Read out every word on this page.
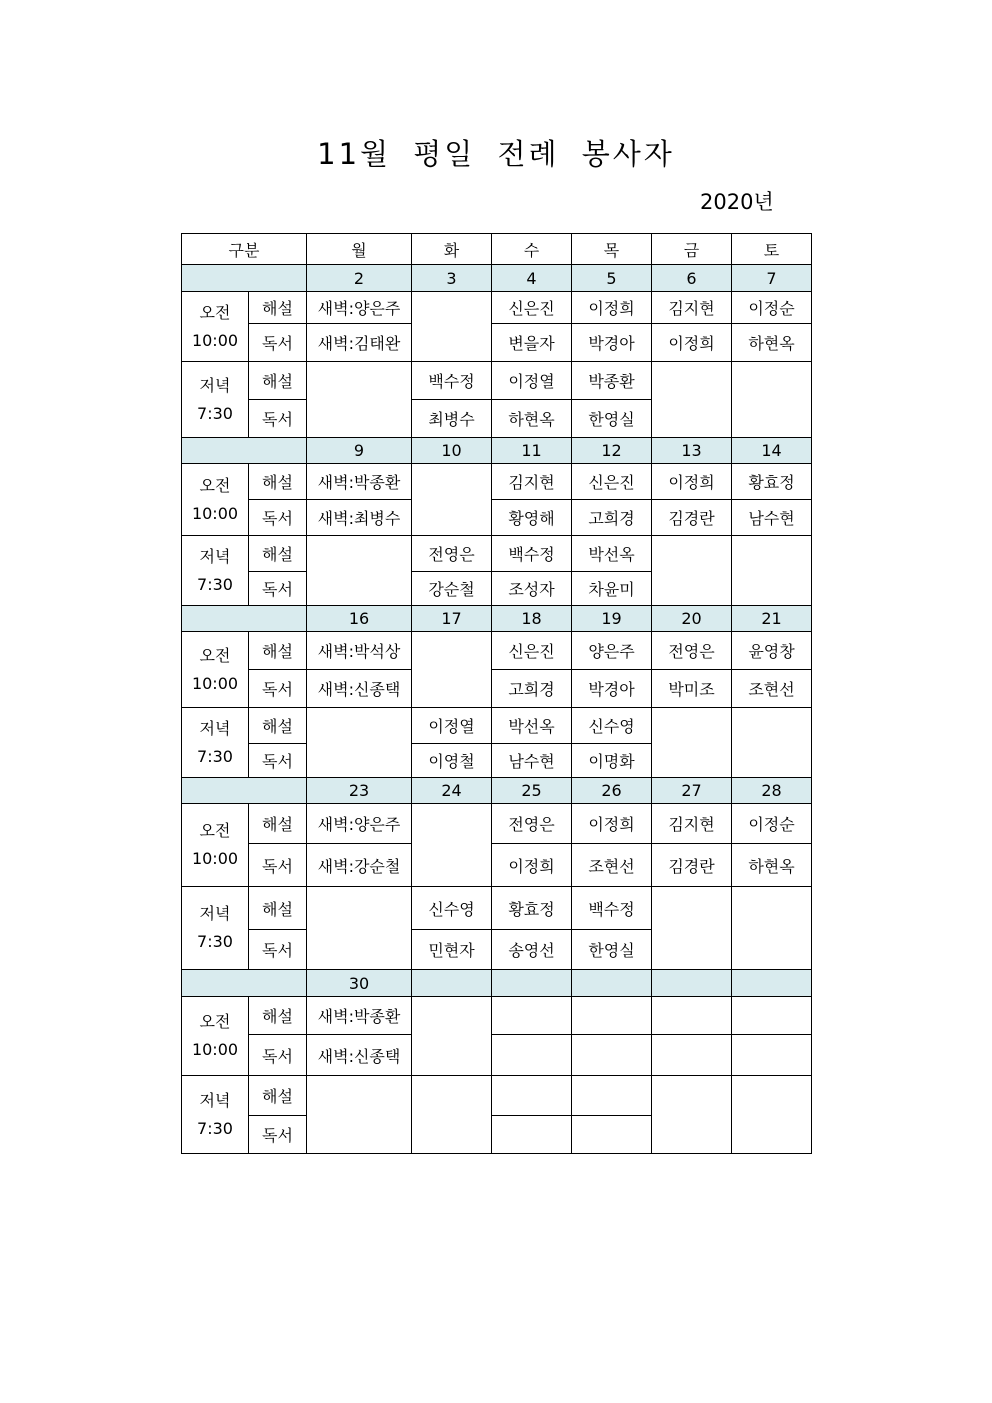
11월 평일 전례 봉사자
2020년
구분		월	화	수	목	금	토
		2	3	4	5	6	7

오전
10:00	해설	새벽:양은주		신은진	이정희	김지현	이정순
	독서	새벽:김태완		변을자	박경아	이정희	하현옥

저녁
7:30	해설		백수정	이정열	박종환		
	독서		최병수	하현옥	한영실		
		9	10	11	12	13	14

오전
10:00	해설	새벽:박종환		김지현	신은진	이정희	황효정
	독서	새벽:최병수		황영해	고희경	김경란	남수현

저녁
7:30	해설		전영은	백수정	박선옥		
	독서		강순철	조성자	차윤미		
		16	17	18	19	20	21

오전
10:00	해설	새벽:박석상		신은진	양은주	전영은	윤영창
	독서	새벽:신종택		고희경	박경아	박미조	조현선

저녁
7:30	해설		이정열	박선옥	신수영		
	독서		이영철	남수현	이명화		
		23	24	25	26	27	28

오전
10:00	해설	새벽:양은주		전영은	이정희	김지현	이정순
	독서	새벽:강순철		이정희	조현선	김경란	하현옥

저녁
7:30	해설		신수영	황효정	백수정		
	독서		민현자	송영선	한영실		
		30					

오전
10:00	해설	새벽:박종환					
	독서	새벽:신종택					

저녁
7:30	해설						
	독서						
